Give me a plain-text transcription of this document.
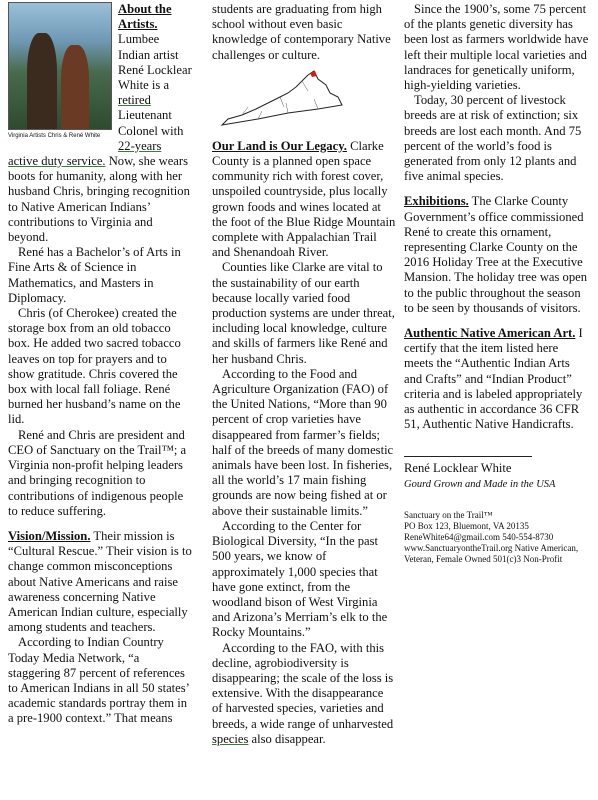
Virginia Artists Chris & René White

About the Artists. Lumbee Indian artist René Locklear White is a retired Lieutenant Colonel with 22-years active duty service. Now, she wears boots for humanity, along with her husband Chris, bringing recognition to Native American Indians’ contributions to Virginia and beyond.

René has a Bachelor’s of Arts in Fine Arts & of Science in Mathematics, and Masters in Diplomacy.

Chris (of Cherokee) created the storage box from an old tobacco box. He added two sacred tobacco leaves on top for prayers and to show gratitude. Chris covered the box with local fall foliage. René burned her husband’s name on the lid.

René and Chris are president and CEO of Sanctuary on the Trail™; a Virginia non-profit helping leaders and bringing recognition to contributions of indigenous people to reduce suffering.

Vision/Mission. Their mission is “Cultural Rescue.” Their vision is to change common misconceptions about Native Americans and raise awareness concerning Native American Indian culture, especially among students and teachers.

According to Indian Country Today Media Network, “a staggering 87 percent of references to American Indians in all 50 states’ academic standards portray them in a pre-1900 context.” That means

students are graduating from high school without even basic knowledge of contemporary Native challenges or culture.

Our Land is Our Legacy. Clarke County is a planned open space community rich with forest cover, unspoiled countryside, plus locally grown foods and wines located at the foot of the Blue Ridge Mountain complete with Appalachian Trail and Shenandoah River.

Counties like Clarke are vital to the sustainability of our earth because locally varied food production systems are under threat, including local knowledge, culture and skills of farmers like René and her husband Chris.

According to the Food and Agriculture Organization (FAO) of the United Nations, “More than 90 percent of crop varieties have disappeared from farmer’s fields; half of the breeds of many domestic animals have been lost. In fisheries, all the world’s 17 main fishing grounds are now being fished at or above their sustainable limits.”

According to the Center for Biological Diversity, “In the past 500 years, we know of approximately 1,000 species that have gone extinct, from the woodland bison of West Virginia and Arizona’s Merriam’s elk to the Rocky Mountains.”

According to the FAO, with this decline, agrobiodiversity is disappearing; the scale of the loss is extensive. With the disappearance of harvested species, varieties and breeds, a wide range of unharvested species also disappear.

Since the 1900’s, some 75 percent of the plants genetic diversity has been lost as farmers worldwide have left their multiple local varieties and landraces for genetically uniform, high-yielding varieties.

Today, 30 percent of livestock breeds are at risk of extinction; six breeds are lost each month. And 75 percent of the world’s food is generated from only 12 plants and five animal species.

Exhibitions. The Clarke County Government’s office commissioned René to create this ornament, representing Clarke County on the 2016 Holiday Tree at the Executive Mansion. The holiday tree was open to the public throughout the season to be seen by thousands of visitors.

Authentic Native American Art. I certify that the item listed here meets the “Authentic Indian Arts and Crafts” and “Indian Product” criteria and is labeled appropriately as authentic in accordance 36 CFR 51, Authentic Native Handicrafts.

René Locklear White

Gourd Grown and Made in the USA

Sanctuary on the Trail™

PO Box 123, Bluemont, VA 20135

ReneWhite64@gmail.com 540-554-8730

www.SanctuaryontheTrail.org Native American, Veteran, Female Owned 501(c)3 Non-Profit
